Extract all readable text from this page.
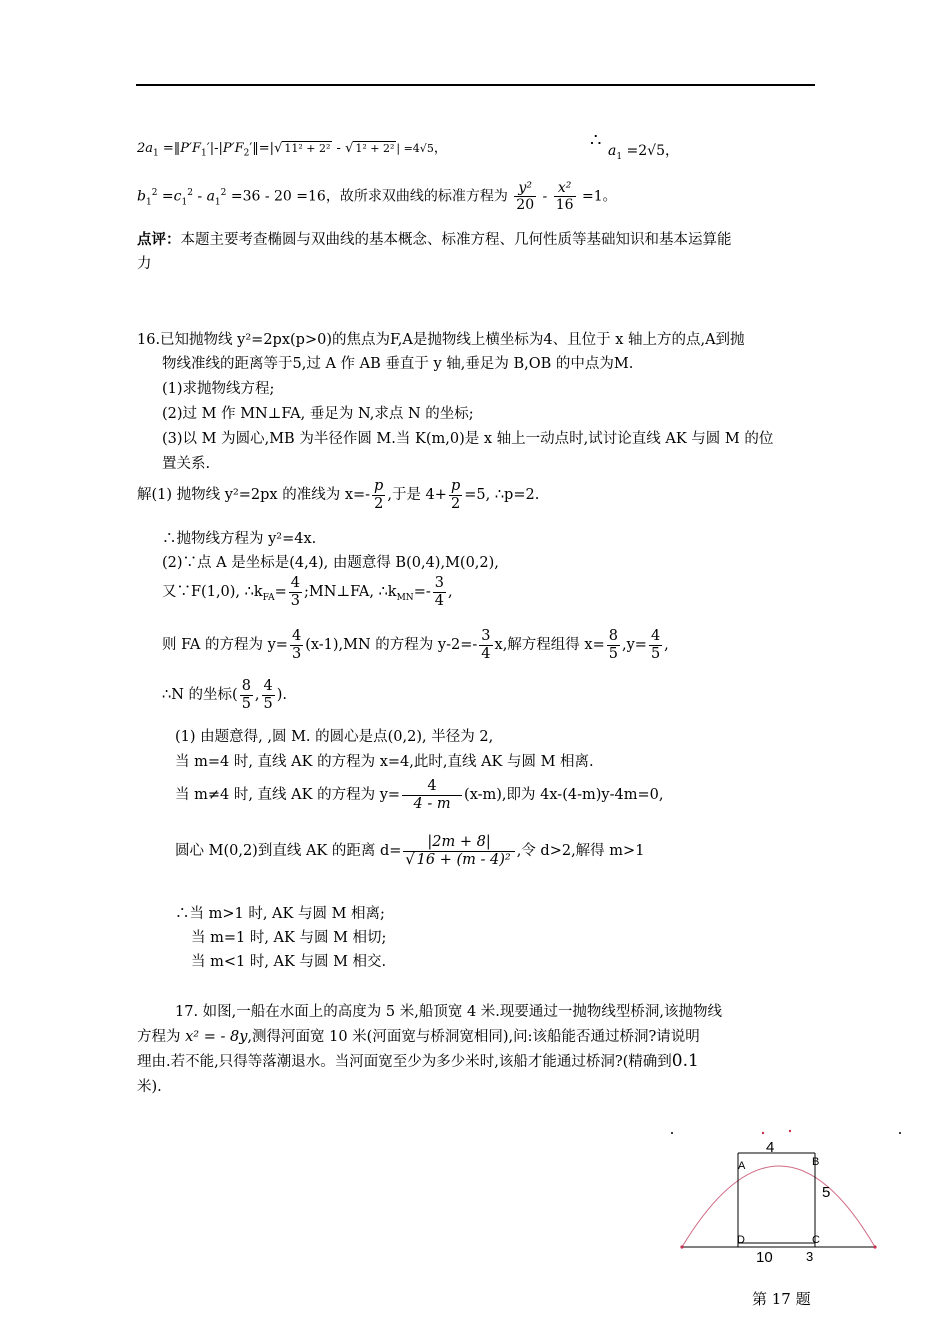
$2a_1$ $=‖P'F_1'|-|P'F_2'‖=|√$ 11² + 2² - √ 1² + 2² | =4√5，	∴ $a_1 =2√5$，
$b_1^2 =c_1^2 - a_1^2 =36 - 20 =16$，故所求双曲线的标准方程为 $\frac{\text{y²}}{20} - \frac{\text{x²}}{16} =1$。
点评：本题主要考查椭圆与双曲线的基本概念、标准方程、几何性质等基础知识和基本运算能
力
16.已知抛物线 y²=2px(p>0)的焦点为F,A是抛物线上横坐标为4、且位于 x 轴上方的点,A到抛
物线准线的距离等于5,过 A 作 AB 垂直于 y 轴,垂足为 B,OB 的中点为M.
(1)求抛物线方程;
(2)过 M 作 MN⊥FA, 垂足为 N,求点 N 的坐标;
(3)以 M 为圆心,MB 为半径作圆 M.当 K(m,0)是 x 轴上一动点时,试讨论直线 AK 与圆 M 的位
置关系.
解(1) 抛物线 y²=2px 的准线为 $x=- \frac{p}{2}$ ,于是 $4+ \frac{p}{2} =5$, ∴p=2.
∴抛物线方程为 y²=4x.
(2)∵点 A 是坐标是(4,4), 由题意得 B(0,4),M(0,2),
又∵F(1,0), $\therefore k_{FA}= \frac{4}{3}$ ;MN⊥FA, $\therefore k_{MN}=- \frac{3}{4}$ ,
则 FA 的方程为 $y= \frac{4}{3} (x-1),MN$ 的方程为 $y-2=- \frac{3}{4} x$,解方程组得 $x= \frac{8}{5} ,y= \frac{4}{5}$ ,
∴N 的坐标( $\frac{8}{5}$ , $\frac{4}{5}$ ).
(1) 由题意得, ,圆 M. 的圆心是点(0,2), 半径为 2,
当 m=4 时, 直线 AK 的方程为 x=4,此时,直线 AK 与圆 M 相离.
当 m≠4 时, 直线 AK 的方程为 $y= \frac{4}{4 - m} (x-m)$,即为 4x-(4-m)y-4m=0,
圆心 M(0,2)到直线 AK 的距离 $d= \frac{|2m + 8|}{\text{√ 16 + (m - 4)²}}$ ,令 d>2,解得 m>1
∴当 m>1 时, AK 与圆 M 相离;
当 m=1 时, AK 与圆 M 相切;
当 m<1 时, AK 与圆 M 相交.
17. 如图,一船在水面上的高度为 5 米,船顶宽 4 米.现要通过一抛物线型桥洞,该抛物线
方程为 x² = - 8y,测得河面宽 10 米(河面宽与桥洞宽相同),问:该船能否通过桥洞?请说明
理由.若不能,只得等落潮退水。当河面宽至少为多少米时,该船才能通过桥洞?(精确到0.1
米).
A	B
C
D
4
5
10	3
第 17 题
